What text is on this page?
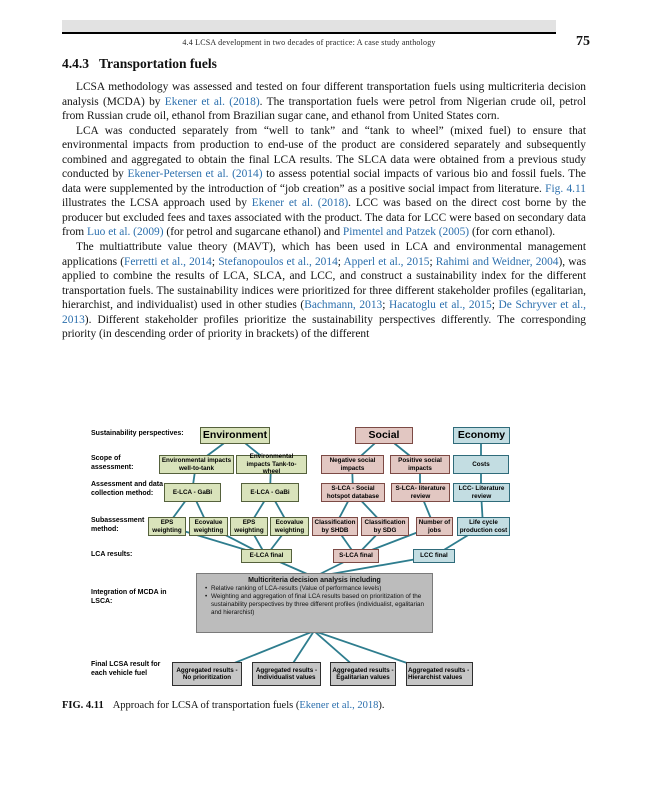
4.4 LCSA development in two decades of practice: A case study anthology	75
4.4.3 Transportation fuels

LCSA methodology was assessed and tested on four different transportation fuels using multicriteria decision analysis (MCDA) by Ekener et al. (2018). The transportation fuels were petrol from Nigerian crude oil, petrol from Russian crude oil, ethanol from Brazilian sugar cane, and ethanol from United States corn.

LCA was conducted separately from “well to tank” and “tank to wheel” (mixed fuel) to ensure that environmental impacts from production to end-use of the product are considered separately and subsequently combined and aggregated to obtain the final LCA results. The SLCA data were obtained from a previous study conducted by Ekener-Petersen et al. (2014) to assess potential social impacts of various bio and fossil fuels. The data were supplemented by the introduction of “job creation” as a positive social impact from literature. Fig. 4.11 illustrates the LCSA approach used by Ekener et al. (2018). LCC was based on the direct cost borne by the producer but excluded fees and taxes associated with the product. The data for LCC were based on secondary data from Luo et al. (2009) (for petrol and sugarcane ethanol) and Pimentel and Patzek (2005) (for corn ethanol).

The multiattribute value theory (MAVT), which has been used in LCA and environmental management applications (Ferretti et al., 2014; Stefanopoulos et al., 2014; Apperl et al., 2015; Rahimi and Weidner, 2004), was applied to combine the results of LCA, SLCA, and LCC, and construct a sustainability index for the different transportation fuels. The sustainability indices were prioritized for three different stakeholder profiles (egalitarian, hierarchist, and individualist) used in other studies (Bachmann, 2013; Hacatoglu et al., 2015; De Schryver et al., 2013). Different stakeholder profiles prioritize the sustainability perspectives differently. The corresponding priority (in descending order of priority in brackets) of the different

Sustainability perspectives:
Scope of assessment:
Assessment and data collection method:
Subassessment method:
LCA results:
Integration of MCDA in LSCA:
Final LCSA result for each vehicle fuel
Environment	Social	Economy
Environmental impacts well-to-tank
Environmental impacts Tank-to-wheel
Negative social impacts
Positive social impacts
Costs
E-LCA - GaBi	E-LCA - GaBi
S-LCA - Social hotspot database
S-LCA- literature review
LCC- Literature review
EPS weighting
Ecovalue weighting
EPS weighting
Ecovalue weighting
Classification by SHDB
Classification by SDG
Number of jobs
Life cycle production cost
E-LCA final	S-LCA final	LCC final
Multicriteria decision analysis including
• Relative ranking of LCA-results (Value of performance levels)
• Weighting and aggregation of final LCA results based on prioritization of the sustainability perspectives by three different profiles (individualist, egalitarian and hierarchist)
Aggregated results - No prioritization
Aggregated results - Individualist values
Aggregated results - Egalitarian values
Aggregated results - Hierarchist values
FIG. 4.11 Approach for LCSA of transportation fuels (Ekener et al., 2018).
